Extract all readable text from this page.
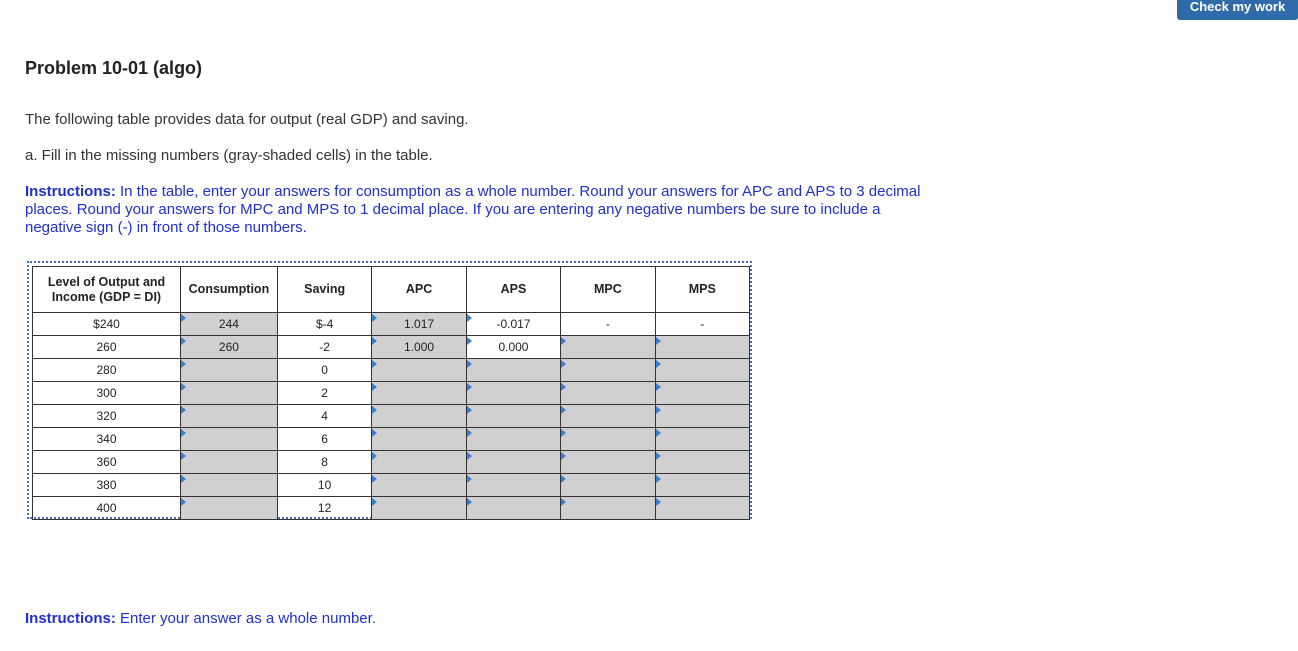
Check my work
Problem 10-01 (algo)

The following table provides data for output (real GDP) and saving.

a. Fill in the missing numbers (gray-shaded cells) in the table.

Instructions: In the table, enter your answers for consumption as a whole number. Round your answers for APC and APS to 3 decimal
places. Round your answers for MPC and MPS to 1 decimal place. If you are entering any negative numbers be sure to include a
negative sign (-) in front of those numbers.
Level of Output and
Income (GDP = DI)	Consumption	Saving	APC	APS	MPC	MPS
$240	244	$-4	1.017	-0.017	-	-
260	260	-2	1.000	0.000		
280		0				
300		2				
320		4				
340		6				
360		8				
380		10				
400		12				

Instructions: Enter your answer as a whole number.
